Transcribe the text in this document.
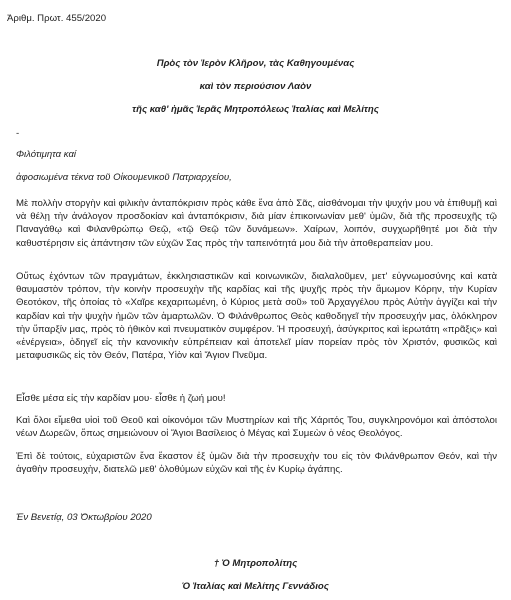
Ἀριθμ. Πρωτ. 455/2020
Πρὸς τὸν Ἱερὸν Κλῆρον, τὰς Καθηγουμένας
καὶ τὸν περιούσιον Λαὸν
τῆς καθ' ἡμᾶς Ἱερᾶς Μητροπόλεως Ἰταλίας καὶ Μελίτης
-
Φιλότιμητα καί
ἀφοσιωμένα τέκνα τοῦ Οἰκουμενικοῦ Πατριαρχείου,

Μὲ πολλὴν στοργὴν καὶ φιλικὴν ἀνταπόκρισιν πρὸς κάθε ἕνα ἀπὸ Σᾶς, αἰσθάνομαι τὴν ψυχήν μου νὰ ἐπιθυμῇ καὶ νὰ θέλῃ τὴν ἀνάλογον προσδοκίαν καὶ ἀνταπόκρισιν, διὰ μίαν ἐπικοινωνίαν μεθ' ὑμῶν, διὰ τῆς προσευχῆς τῷ Παναγάθῳ καὶ Φιλανθρώπῳ Θεῷ, «τῷ Θεῷ τῶν δυνάμεων». Χαίρων, λοιπόν, συγχωρῆθητέ μοι διὰ τὴν καθυστέρησιν εἰς ἀπάντησιν τῶν εὐχῶν Σας πρὸς τὴν ταπεινότητά μου διὰ τὴν ἀποθεραπείαν μου.

Οὕτως ἐχόντων τῶν πραγμάτων, ἐκκλησιαστικῶν καὶ κοινωνικῶν, διαλαλοῦμεν, μετ' εὐγνωμοσύνης καὶ κατὰ θαυμαστὸν τρόπον, τὴν κοινὴν προσευχὴν τῆς καρδίας καὶ τῆς ψυχῆς πρὸς τὴν ἄμωμον Κόρην, τὴν Κυρίαν Θεοτόκον, τῆς ὁποίας τὸ «Χαῖρε κεχαριτωμένη, ὁ Κύριος μετὰ σοῦ» τοῦ Ἀρχαγγέλου πρὸς Αὐτὴν ἀγγίζει καὶ τὴν καρδίαν καὶ τὴν ψυχὴν ἡμῶν τῶν ἁμαρτωλῶν. Ὁ Φιλάνθρωπος Θεὸς καθοδηγεῖ τὴν προσευχήν μας, ὁλόκληρον τὴν ὕπαρξίν μας, πρὸς τὸ ἠθικὸν καὶ πνευματικὸν συμφέρον. Ἡ προσευχή, ἀσύγκριτος καὶ ἱερωτάτη «πρᾶξις» καὶ «ἐνέργεια», ὁδηγεῖ εἰς τὴν κανονικὴν εὐπρέπειαν καὶ ἀποτελεῖ μίαν πορείαν πρὸς τὸν Χριστόν, φυσικῶς καὶ μεταφυσικῶς εἰς τὸν Θεόν, Πατέρα, Υἱὸν καὶ Ἅγιον Πνεῦμα.

Εἶσθε μέσα εἰς τὴν καρδίαν μου· εἶσθε ἡ ζωή μου!

Καὶ ὅλοι εἴμεθα υἱοὶ τοῦ Θεοῦ καὶ οἰκονόμοι τῶν Μυστηρίων καὶ τῆς Χάριτός Του, συγκληρονόμοι καὶ ἀπόστολοι νέων Δωρεῶν, ὅπως σημειώνουν οἱ Ἅγιοι Βασίλειος ὁ Μέγας καὶ Συμεὼν ὁ νέος Θεολόγος.

Ἐπὶ δὲ τούτοις, εὐχαριστῶν ἕνα ἕκαστον ἐξ ὑμῶν διὰ τὴν προσευχὴν του εἰς τὸν Φιλάνθρωπον Θεόν, καὶ τὴν ἀγαθὴν προσευχὴν, διατελῶ μεθ' ὁλοθύμων εὐχῶν καὶ τῆς ἐν Κυρίῳ ἀγάπης.

Ἐν Βενετίᾳ, 03 Ὀκτωβρίου 2020
† Ὁ Μητροπολίτης
Ὁ Ἰταλίας καὶ Μελίτης Γεννάδιος
